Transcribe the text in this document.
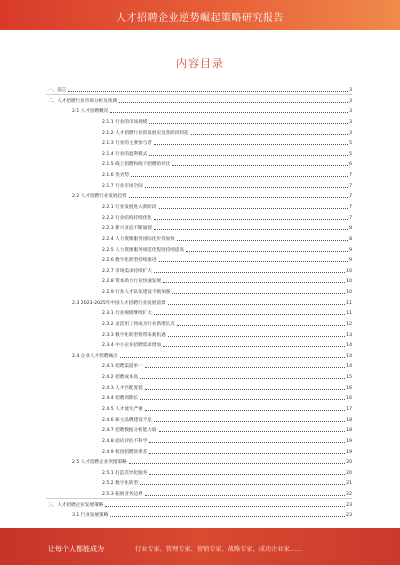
人才招聘企业逆势崛起策略研究报告
内容目录
一、前言	3
二、人才招聘行业市场分析及预测	3
2.1 人才招聘概况	3
2.1.1 行业的市场规模	3
2.1.2 人才招聘行业的发展史及各阶段特征	3
2.1.3 行业的主要参与者	5
2.1.4 行业的盈利模式	5
2.1.5 线上招聘和线下招聘的对比	6
2.1.6 优劣势	7
2.1.7 行业市场空间	7
2.2 人才招聘行业发展趋势	7
2.2.1 行业发展进入新阶段	7
2.2.2 行业结构持续优化	7
2.2.3 新兴业态不断涌现	8
2.2.4 人力资源服务国际化步伐加快	8
2.2.5 人力资源服务规范化程度持续提高	9
2.2.6 数字化转型持续推进	9
2.2.7 市场需求持续扩大	10
2.2.8 资本助力行业快速发展	10
2.2.9 行业人才队伍建设不断加强	10
2.3 2023-2025年中国人才招聘行业发展前景	11
2.3.1 行业规模继续扩大	11
2.3.2 灵活用工将成为行业新增长点	12
2.3.3 数字化转型将带来新机遇	13
2.3.4 中小企业招聘需求增加	14
2.4 企业人才招聘痛点	14
2.4.1 招聘渠道单一	14
2.4.2 招聘成本高	15
2.4.3 人才匹配度低	16
2.4.4 招聘周期长	16
2.4.5 人才流失严重	17
2.4.6 雇主品牌建设不足	18
2.4.7 招聘数据分析能力弱	18
2.4.8 面试评估不科学	19
2.4.9 校园招聘效果差	19
2.5 人才招聘企业突围策略	20
2.5.1 打造差异化服务	20
2.5.2 数字化转型	21
2.5.3 拓展业务边界	22
三、人才招聘企业发展策略	23
3.1 行业发展策略	23
让每个人都能成为	行业专家、管理专家、营销专家、战略专家、成功企业家……
